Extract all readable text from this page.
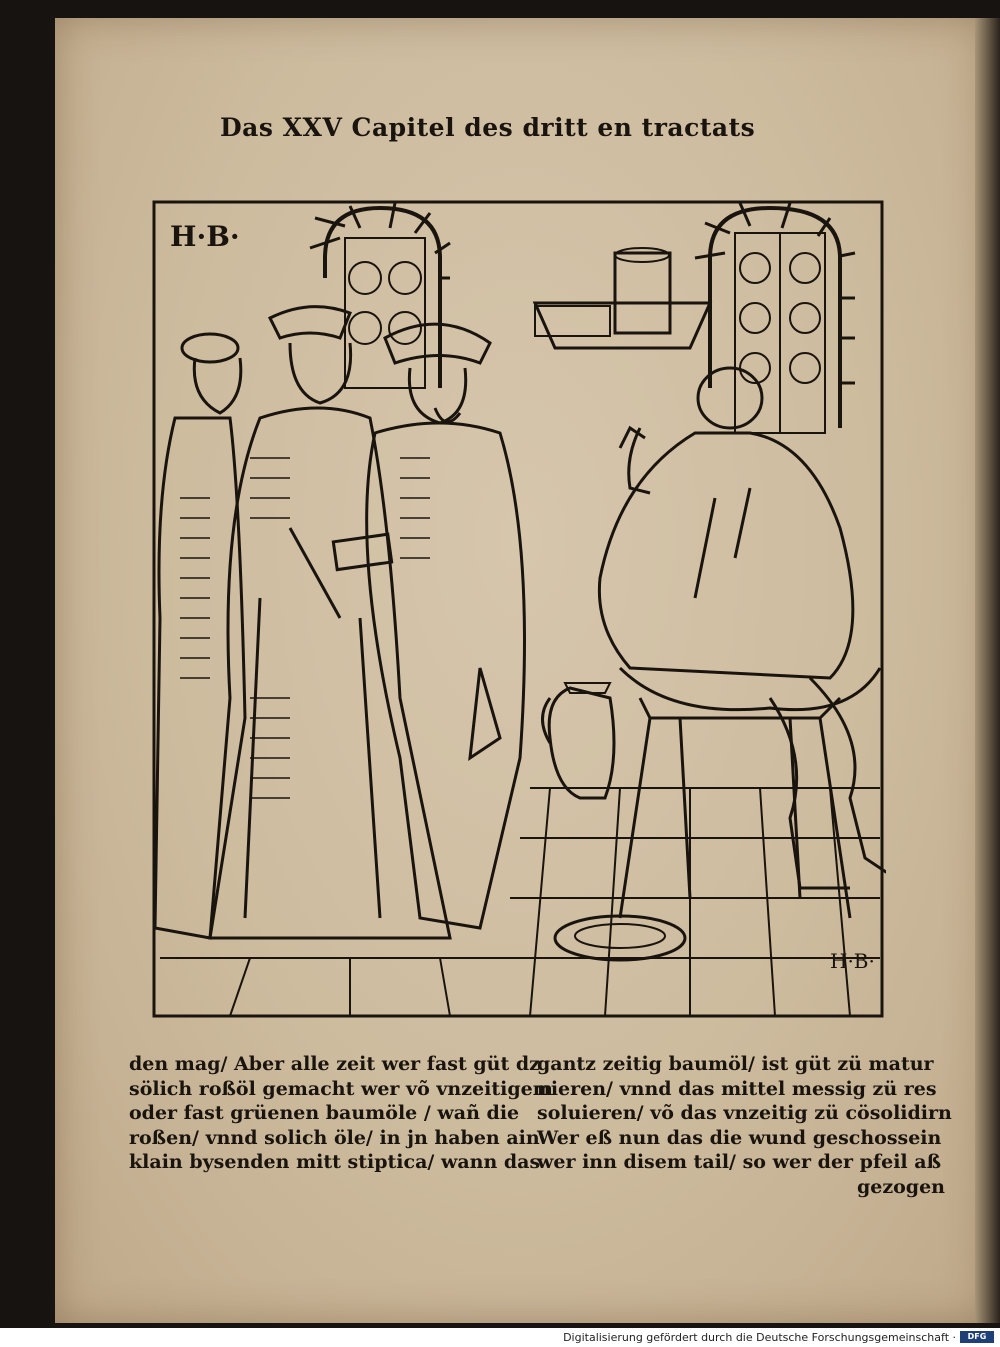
Das XXV Capitel des dritt en tractats
H·B·
H·B·
den mag/ Aber alle zeit wer fast güt dz
sölich roßöl gemacht wer võ vnzeitigem
oder fast grüenen baumöle / wañ die
roßen/ vnnd solich öle/ in jn haben ain
klain bysenden mitt stiptica/ wann das
gantz zeitig baumöl/ ist güt zü matur
nieren/ vnnd das mittel messig zü res
soluieren/ võ das vnzeitig zü cösolidirn
Wer eß nun das die wund geschossein
wer inn disem tail/ so wer der pfeil aß
gezogen
Digitalisierung gefördert durch die Deutsche Forschungsgemeinschaft ·	DFG
